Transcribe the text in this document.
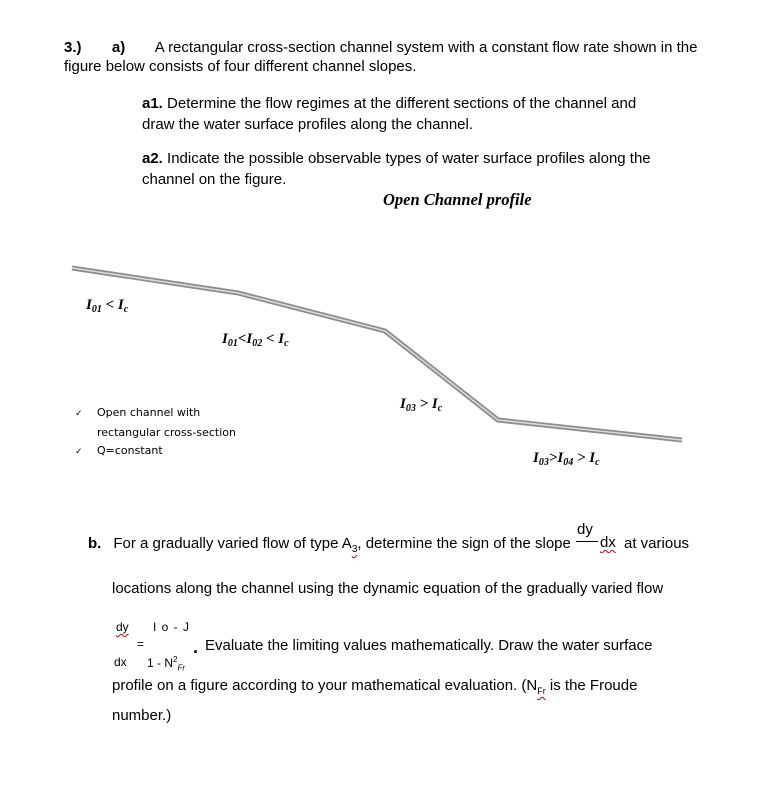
3.) a) A rectangular cross-section channel system with a constant flow rate shown in the
figure below consists of four different channel slopes.
a1. Determine the flow regimes at the different sections of the channel and
draw the water surface profiles along the channel.
a2. Indicate the possible observable types of water surface profiles along the
channel on the figure.
Open Channel profile
$I_{01} < I_c$
$I_{01}<I_{02} < I_c$
$I_{03} > I_c$
$I_{03}>I_{04} > I_c$
✓ Open channel with
rectangular cross-section
✓ Q=constant
b. For a gradually varied flow of type $A_3$, determine the sign of the slope
dy
dx at various
locations along the channel using the dynamic equation of the gradually varied flow
dy
dx
=
I o - J
$1 - N^2_{Fr}$
. Evaluate the limiting values mathematically. Draw the water surface
profile on a figure according to your mathematical evaluation. ($N_{Fr}$ is the Froude
number.)
